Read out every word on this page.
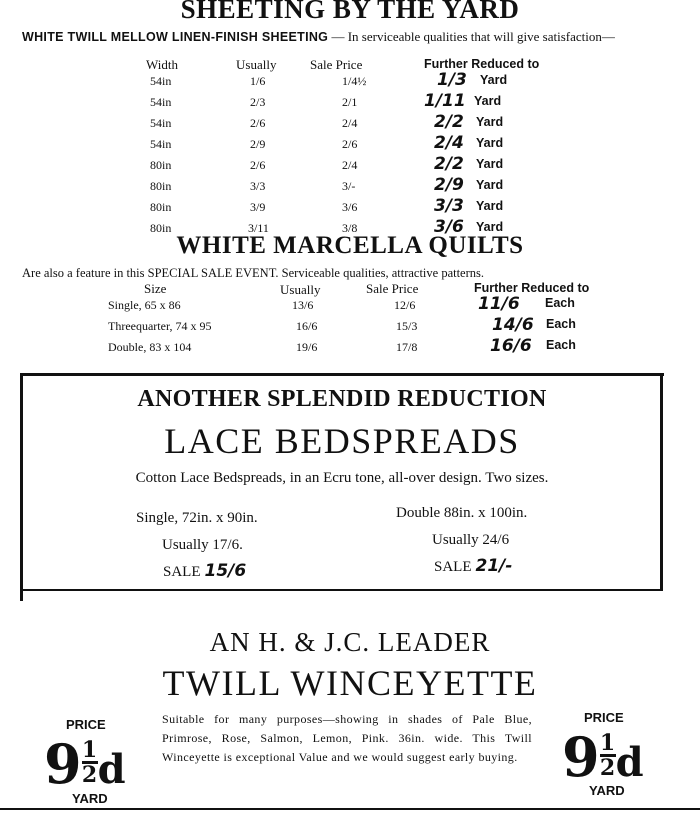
SHEETING BY THE YARD
WHITE TWILL MELLOW LINEN-FINISH SHEETING — In serviceable qualities that will give satisfaction—
Width	Usually	Sale Price	Further Reduced to
54in	1/6	1/4½	1/3 Yard
54in	2/3	2/1	1/11 Yard
54in	2/6	2/4	2/2 Yard
54in	2/9	2/6	2/4 Yard
80in	2/6	2/4	2/2 Yard
80in	3/3	3/-	2/9 Yard
80in	3/9	3/6	3/3 Yard
80in	3/11	3/8	3/6 Yard
WHITE MARCELLA QUILTS
Are also a feature in this SPECIAL SALE EVENT. Serviceable qualities, attractive patterns.
Size	Usually	Sale Price	Further Reduced to
Single, 65 x 86	13/6	12/6	11/6 Each
Threequarter, 74 x 95	16/6	15/3	14/6 Each
Double, 83 x 104	19/6	17/8	16/6 Each
ANOTHER SPLENDID REDUCTION
LACE BEDSPREADS
Cotton Lace Bedspreads, in an Ecru tone, all-over design. Two sizes.
Single, 72in. x 90in.
Usually 17/6.
SALE 15/6
Double 88in. x 100in.
Usually 24/6
SALE 21/-
AN H. & J.C. LEADER
TWILL WINCEYETTE
Suitable for many purposes—showing in shades of Pale Blue, Primrose, Rose, Salmon, Lemon, Pink. 36in. wide. This Twill Winceyette is exceptional Value and we would suggest early buying.
PRICE
$9\frac{1}{2}d$
YARD
PRICE
$9\frac{1}{2}d$
YARD
